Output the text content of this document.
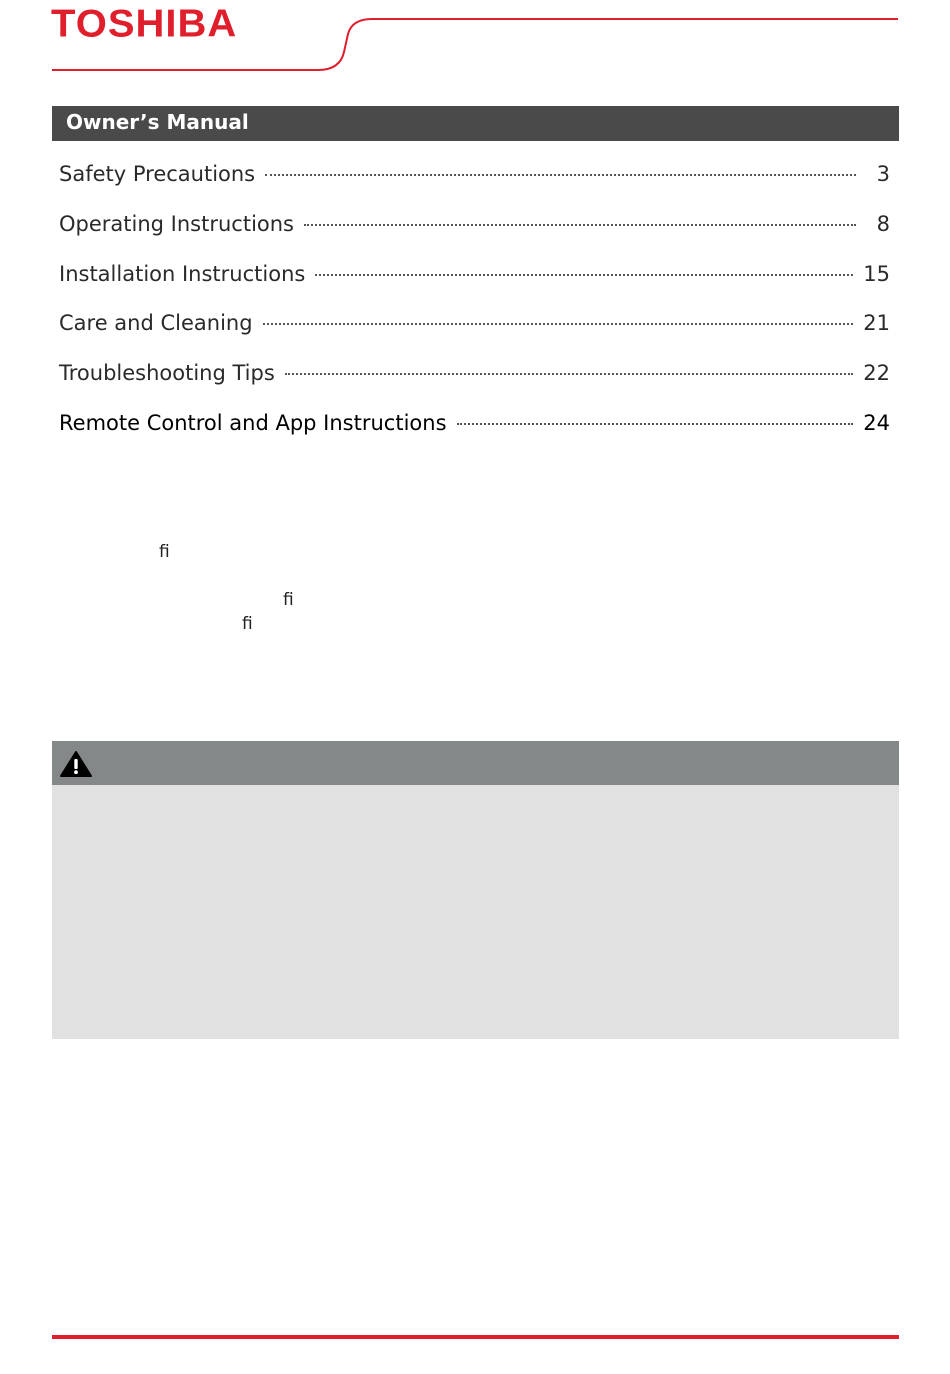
TOSHIBA
Owner’s Manual
Safety Precautions	3
Operating Instructions	8
Installation Instructions	15
Care and Cleaning	21
Troubleshooting Tips	22
Remote Control and App Instructions	24
ﬁ
ﬁ
ﬁ
